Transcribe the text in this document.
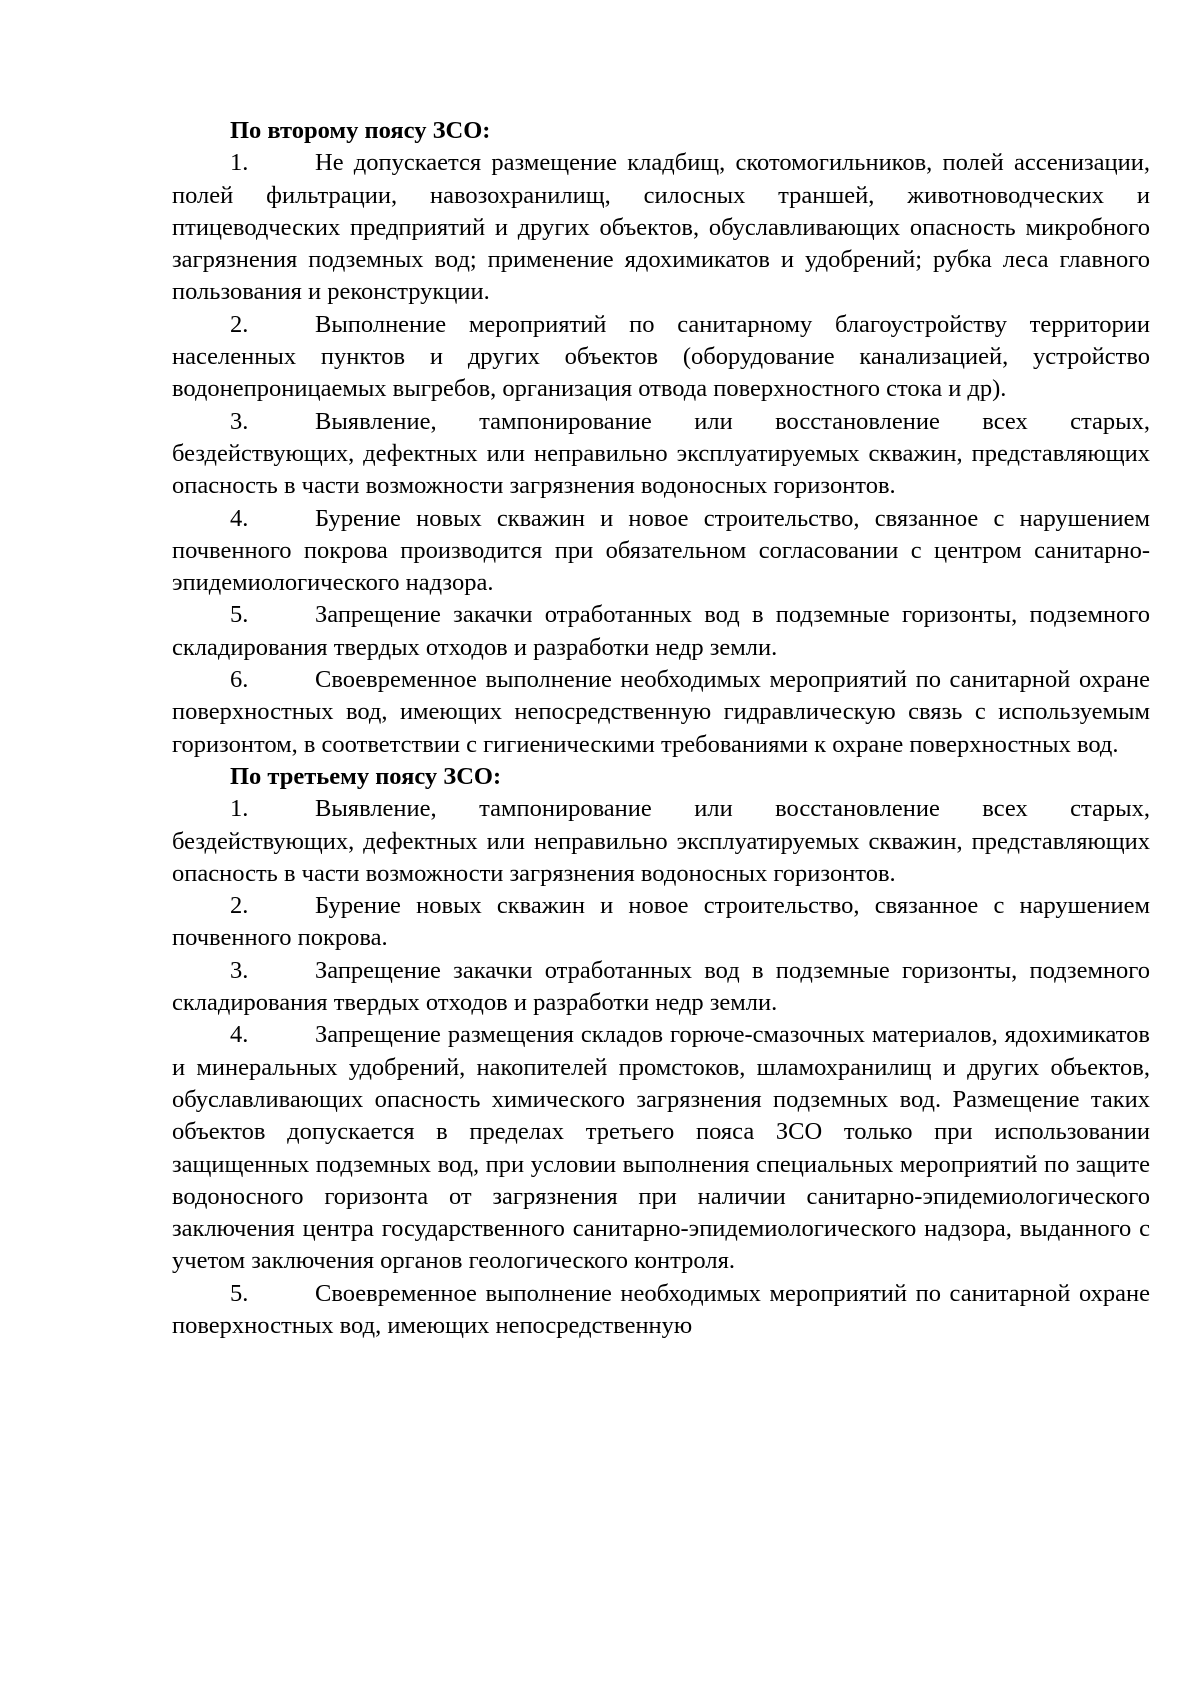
По второму поясу ЗСО:

1.	Не допускается размещение кладбищ, скотомогильников, полей ассенизации, полей фильтрации, навозохранилищ, силосных траншей, животноводческих и птицеводческих предприятий и других объектов, обуславливающих опасность микробного загрязнения подземных вод; применение ядохимикатов и удобрений; рубка леса главного пользования и реконструкции.

2.	Выполнение мероприятий по санитарному благоустройству территории населенных пунктов и других объектов (оборудование канализацией, устройство водонепроницаемых выгребов, организация отвода поверхностного стока и др).

3.	Выявление, тампонирование или восстановление всех старых, бездействующих, дефектных или неправильно эксплуатируемых скважин, представляющих опасность в части возможности загрязнения водоносных горизонтов.

4.	Бурение новых скважин и новое строительство, связанное с нарушением почвенного покрова производится при обязательном согласовании с центром санитарно-эпидемиологического надзора.

5.	Запрещение закачки отработанных вод в подземные горизонты, подземного складирования твердых отходов и разработки недр земли.

6.	Своевременное выполнение необходимых мероприятий по санитарной охране поверхностных вод, имеющих непосредственную гидравлическую связь с используемым горизонтом, в соответствии с гигиеническими требованиями к охране поверхностных вод.

По третьему поясу ЗСО:

1.	Выявление, тампонирование или восстановление всех старых, бездействующих, дефектных или неправильно эксплуатируемых скважин, представляющих опасность в части возможности загрязнения водоносных горизонтов.

2.	Бурение новых скважин и новое строительство, связанное с нарушением почвенного покрова.

3.	Запрещение закачки отработанных вод в подземные горизонты, подземного складирования твердых отходов и разработки недр земли.

4.	Запрещение размещения складов горюче-смазочных материалов, ядохимикатов и минеральных удобрений, накопителей промстоков, шламохранилищ и других объектов, обуславливающих опасность химического загрязнения подземных вод. Размещение таких объектов допускается в пределах третьего пояса ЗСО только при использовании защищенных подземных вод, при условии выполнения специальных мероприятий по защите водоносного горизонта от загрязнения при наличии санитарно-эпидемиологического заключения центра государственного санитарно-эпидемиологического надзора, выданного с учетом заключения органов геологического контроля.

5.	Своевременное выполнение необходимых мероприятий по санитарной охране поверхностных вод, имеющих непосредственную
